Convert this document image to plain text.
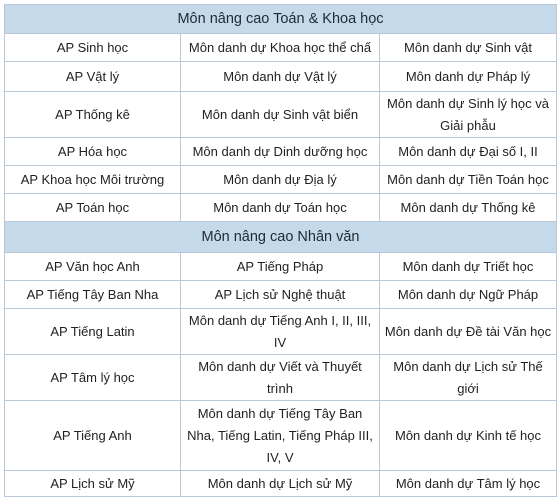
Môn nâng cao Toán & Khoa học		
AP Sinh học	Môn danh dự Khoa học thể chấ	Môn danh dự Sinh vật
AP Vật lý	Môn danh dự Vật lý	Môn danh dự Pháp lý
AP Thống kê	Môn danh dự Sinh vật biển	Môn danh dự Sinh lý học và Giải phẫu
AP Hóa học	Môn danh dự Dinh dưỡng học	Môn danh dự Đại số I, II
AP Khoa học Môi trường	Môn danh dự Địa lý	Môn danh dự Tiền Toán học
AP Toán học	Môn danh dự Toán học	Môn danh dự Thống kê
Môn nâng cao Nhân văn		
AP Văn học Anh	AP Tiếng Pháp	Môn danh dự Triết học
AP Tiếng Tây Ban Nha	AP Lịch sử Nghệ thuật	Môn danh dự Ngữ Pháp
AP Tiếng Latin	Môn danh dự Tiếng Anh I, II, III, IV	Môn danh dự Đề tài Văn học
AP Tâm lý học	Môn danh dự Viết và Thuyết trình	Môn danh dự Lịch sử Thế giới
AP Tiếng Anh	Môn danh dự Tiếng Tây Ban Nha, Tiếng Latin, Tiếng Pháp III, IV, V	Môn danh dự Kinh tế học
AP Lịch sử Mỹ	Môn danh dự Lịch sử Mỹ	Môn danh dự Tâm lý học
